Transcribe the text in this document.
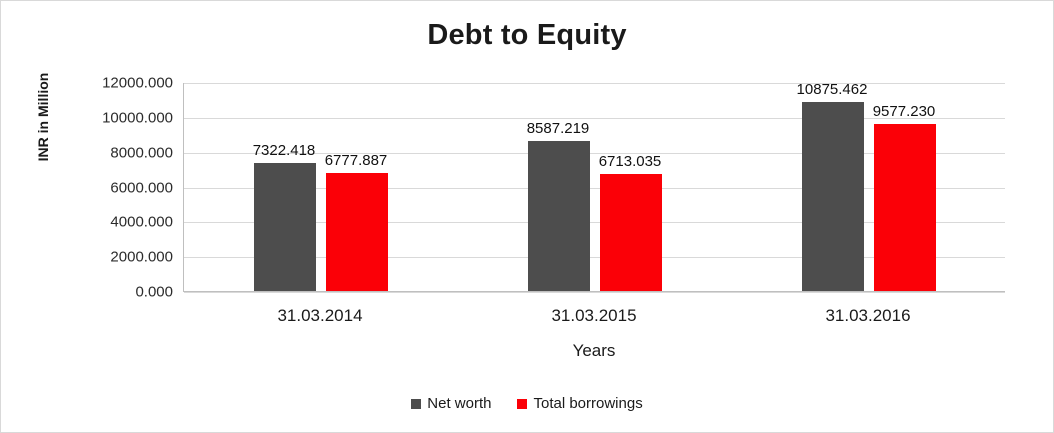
Debt to Equity
INR in Million
0.000
2000.000
4000.000
6000.000
8000.000
10000.000
12000.000
Years
Net worth	Total borrowings
7322.418
6777.887
31.03.2014
8587.219
6713.035
31.03.2015
10875.462
9577.230
31.03.2016
